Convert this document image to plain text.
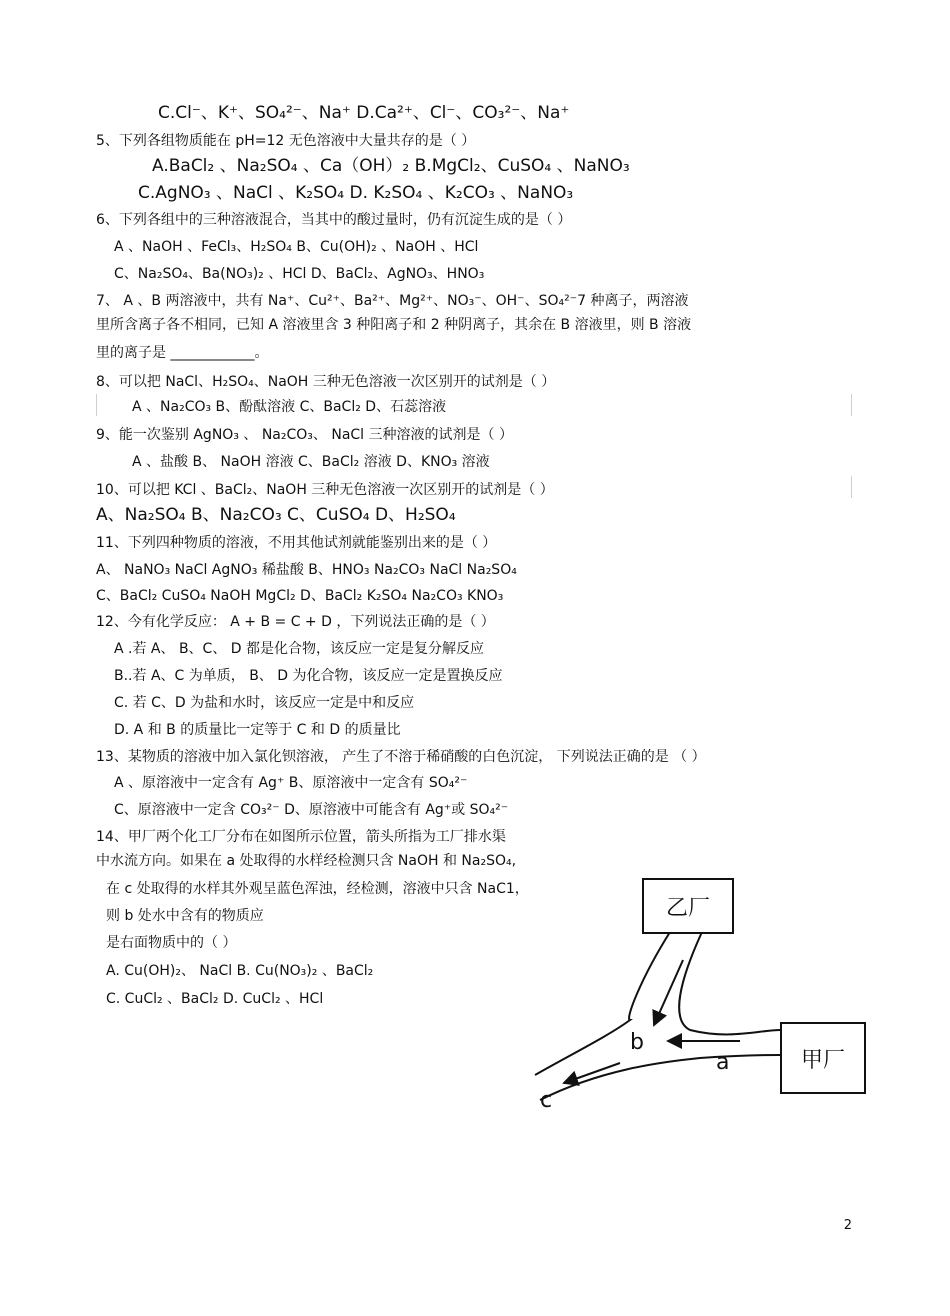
C.Cl⁻、K⁺、SO₄²⁻、Na⁺ D.Ca²⁺、Cl⁻、CO₃²⁻、Na⁺
5、下列各组物质能在 pH=12 无色溶液中大量共存的是（ ）
A.BaCl₂ 、Na₂SO₄ 、Ca（OH）₂ B.MgCl₂、CuSO₄ 、NaNO₃
C.AgNO₃ 、NaCl 、K₂SO₄ D. K₂SO₄ 、K₂CO₃ 、NaNO₃
6、下列各组中的三种溶液混合，当其中的酸过量时，仍有沉淀生成的是（ ）
A 、NaOH 、FeCl₃、H₂SO₄ B、Cu(OH)₂ 、NaOH 、HCl
C、Na₂SO₄、Ba(NO₃)₂ 、HCl D、BaCl₂、AgNO₃、HNO₃
7、 A 、B 两溶液中，共有 Na⁺、Cu²⁺、Ba²⁺、Mg²⁺、NO₃⁻、OH⁻、SO₄²⁻7 种离子，两溶液
里所含离子各不相同，已知 A 溶液里含 3 种阳离子和 2 种阴离子，其余在 B 溶液里，则 B 溶液
里的离子是 ____________。
8、可以把 NaCl、H₂SO₄、NaOH 三种无色溶液一次区别开的试剂是（ ）
A 、Na₂CO₃ B、酚酞溶液 C、BaCl₂ D、石蕊溶液
9、能一次鉴别 AgNO₃ 、 Na₂CO₃、 NaCl 三种溶液的试剂是（ ）
A 、盐酸 B、 NaOH 溶液 C、BaCl₂ 溶液 D、KNO₃ 溶液
10、可以把 KCl 、BaCl₂、NaOH 三种无色溶液一次区别开的试剂是（ ）
A、Na₂SO₄ B、Na₂CO₃ C、CuSO₄ D、H₂SO₄
11、下列四种物质的溶液，不用其他试剂就能鉴别出来的是（ ）
A、 NaNO₃ NaCl AgNO₃ 稀盐酸 B、HNO₃ Na₂CO₃ NaCl Na₂SO₄
C、BaCl₂ CuSO₄ NaOH MgCl₂ D、BaCl₂ K₂SO₄ Na₂CO₃ KNO₃
12、今有化学反应： A + B = C + D ，下列说法正确的是（ ）
A .若 A、 B、C、 D 都是化合物，该反应一定是复分解反应
B..若 A、C 为单质， B、 D 为化合物，该反应一定是置换反应
C. 若 C、D 为盐和水时，该反应一定是中和反应
D. A 和 B 的质量比一定等于 C 和 D 的质量比
13、某物质的溶液中加入氯化钡溶液， 产生了不溶于稀硝酸的白色沉淀， 下列说法正确的是 （ ）
A 、原溶液中一定含有 Ag⁺ B、原溶液中一定含有 SO₄²⁻
C、原溶液中一定含 CO₃²⁻ D、原溶液中可能含有 Ag⁺或 SO₄²⁻
14、甲厂两个化工厂分布在如图所示位置，箭头所指为工厂排水渠
中水流方向。如果在 a 处取得的水样经检测只含 NaOH 和 Na₂SO₄,
在 c 处取得的水样其外观呈蓝色浑浊，经检测，溶液中只含 NaC1，
则 b 处水中含有的物质应
是右面物质中的（ ）
A. Cu(OH)₂、 NaCl B. Cu(NO₃)₂ 、BaCl₂
C. CuCl₂ 、BaCl₂ D. CuCl₂ 、HCl
乙厂
甲厂
b
a
c
2
